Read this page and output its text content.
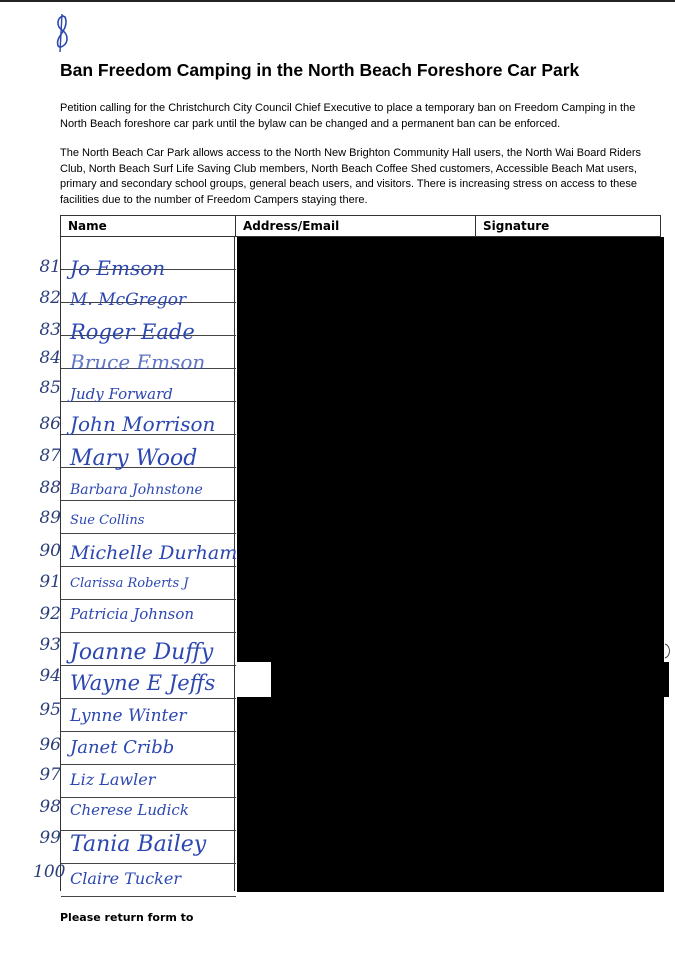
Ban Freedom Camping in the North Beach Foreshore Car Park
Petition calling for the Christchurch City Council Chief Executive to place a temporary ban on Freedom Camping in the North Beach foreshore car park until the bylaw can be changed and a permanent ban can be enforced.
The North Beach Car Park allows access to the North New Brighton Community Hall users, the North Wai Board Riders Club, North Beach Surf Life Saving Club members, North Beach Coffee Shed customers, Accessible Beach Mat users, primary and secondary school groups, general beach users, and visitors. There is increasing stress on access to these facilities due to the number of Freedom Campers staying there.
Name	Address/Email	Signature
81
82
83
84
85
86
87
88
89
90
91
92
93
94
95
96
97
98
99
100
Jo Emson
M. McGregor
Roger Eade
Bruce Emson
Judy Forward
John Morrison
Mary Wood
Barbara Johnstone
Sue Collins
Michelle Durham
Clarissa Roberts J
Patricia Johnson
Joanne Duffy
Wayne E Jeffs
Lynne Winter
Janet Cribb
Liz Lawler
Cherese Ludick
Tania Bailey
Claire Tucker
Please return form to
